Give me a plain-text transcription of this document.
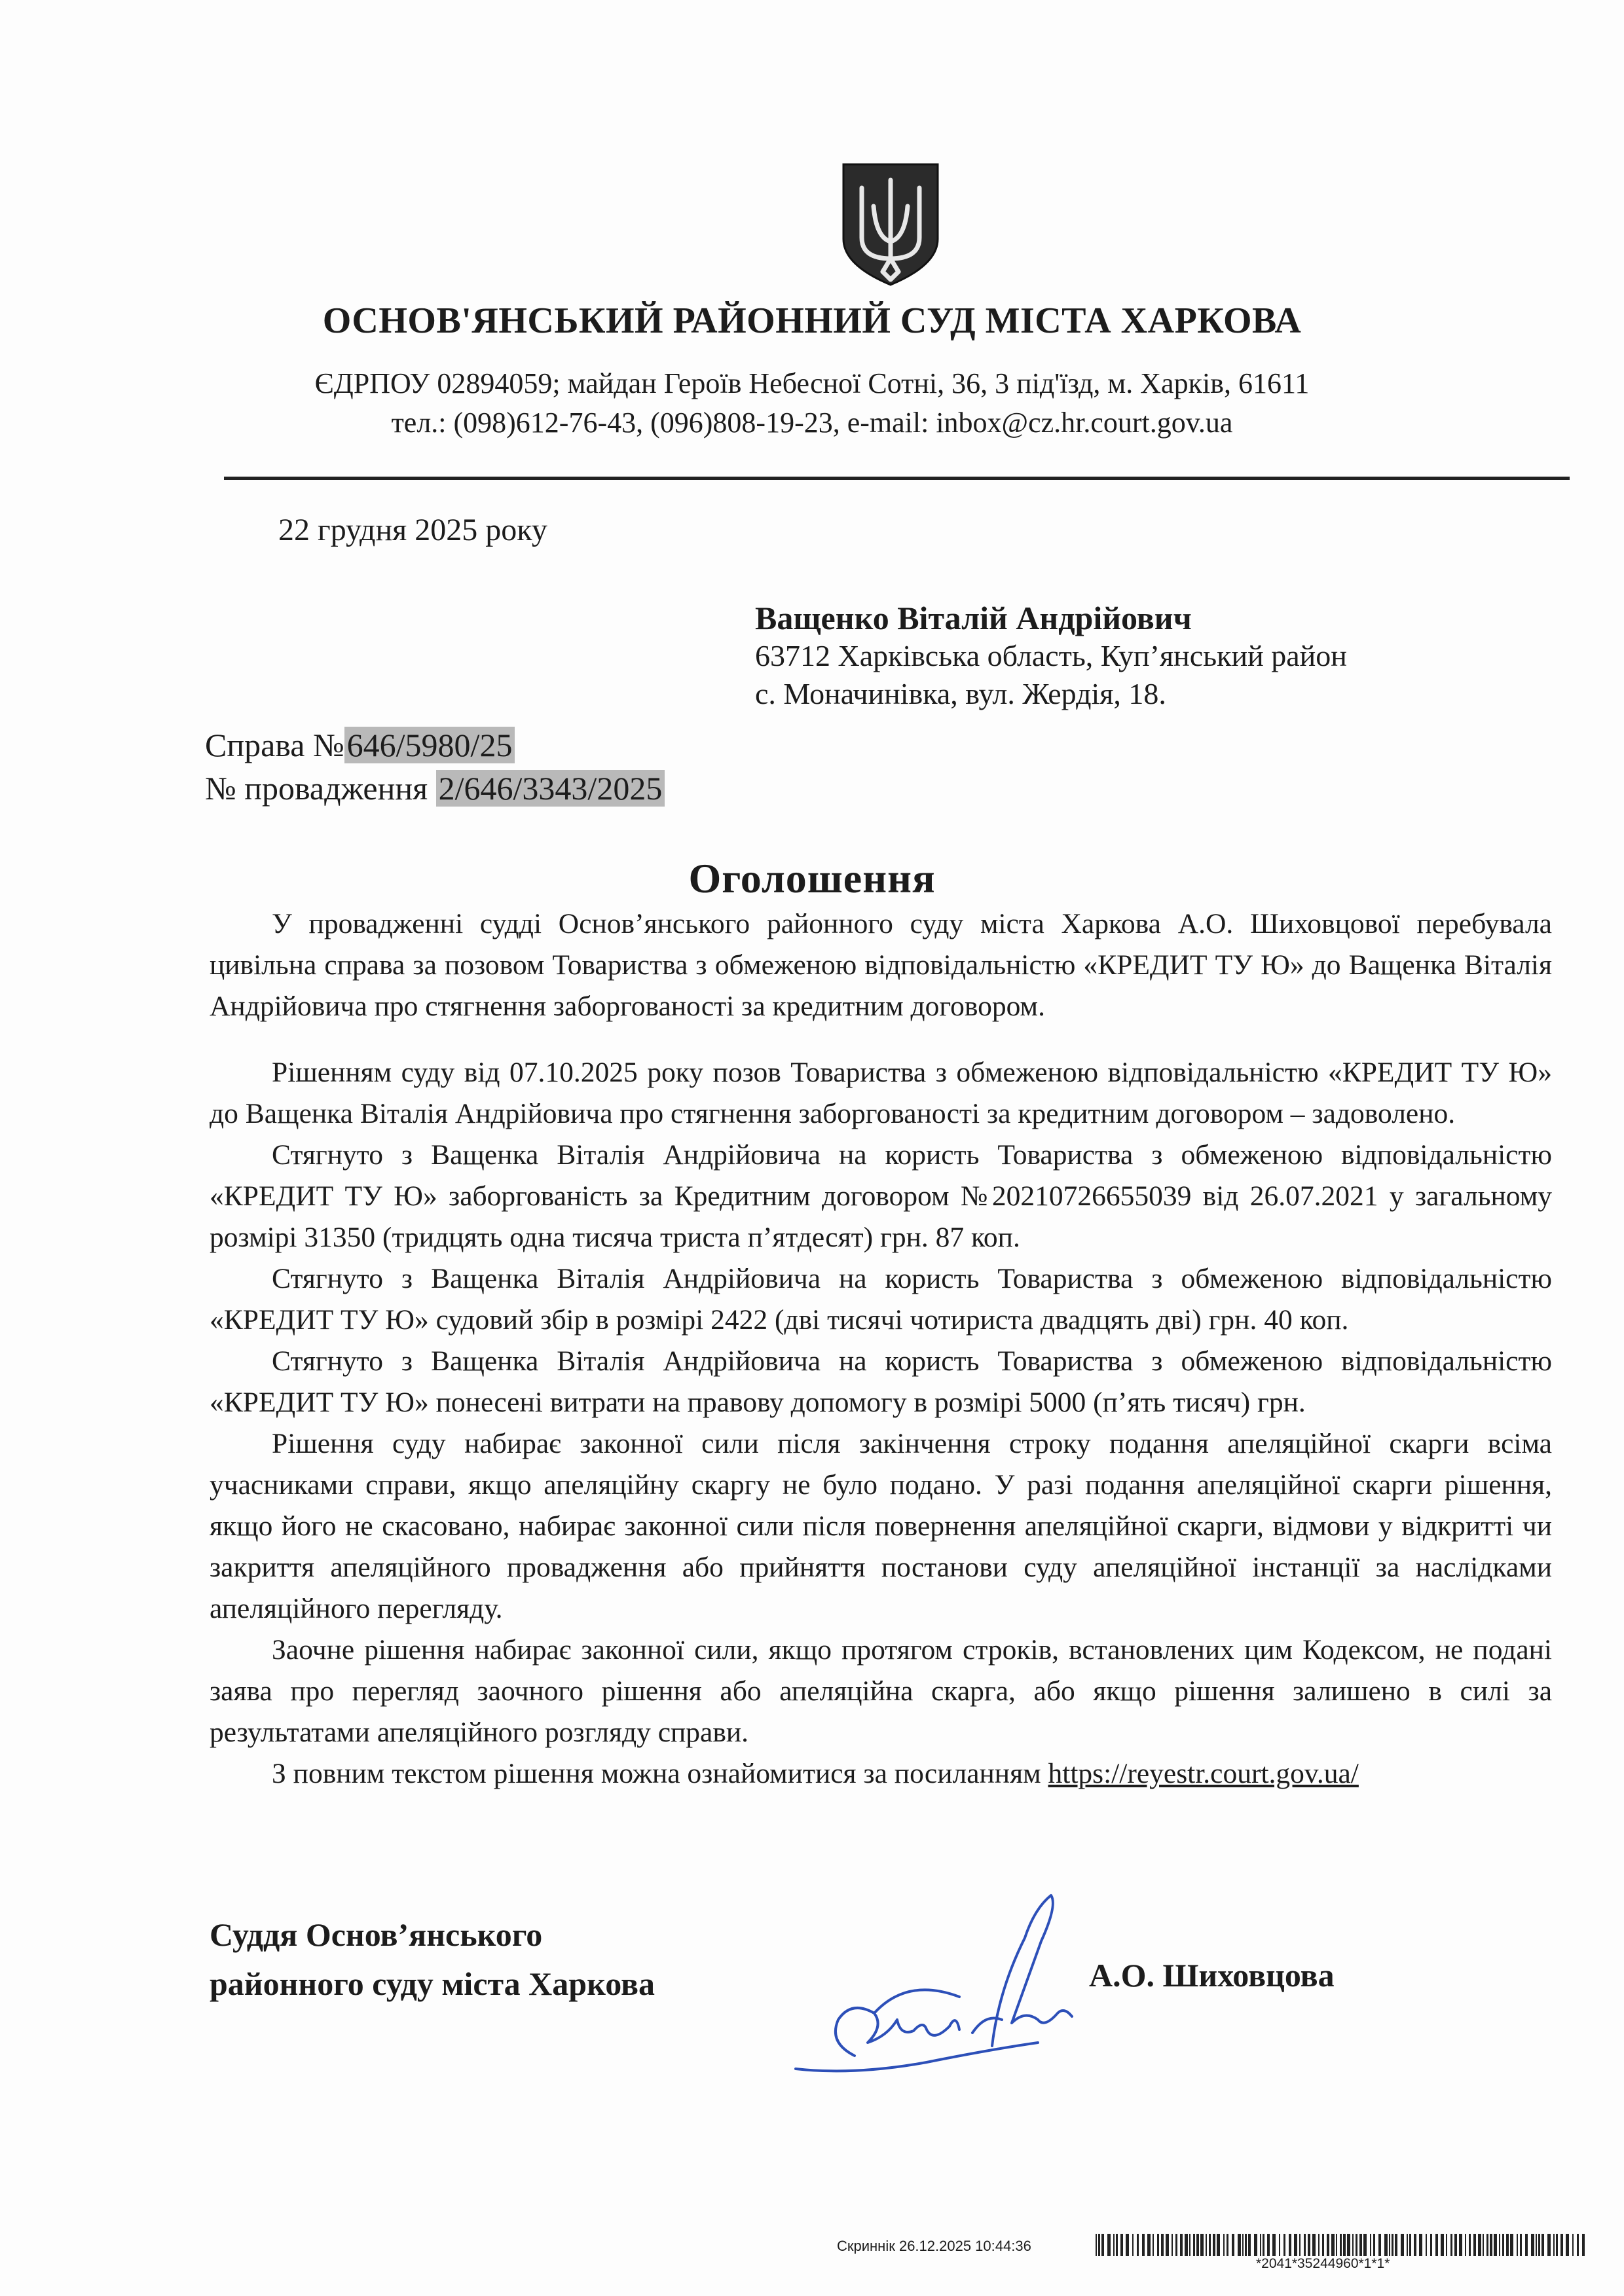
ОСНОВ'ЯНСЬКИЙ РАЙОННИЙ СУД МІСТА ХАРКОВА
ЄДРПОУ 02894059; майдан Героїв Небесної Сотні, 36, 3 під'їзд, м. Харків, 61611
тел.: (098)612-76-43, (096)808-19-23, e-mail: inbox@cz.hr.court.gov.ua
22 грудня 2025 року
Ващенко Віталій Андрійович
63712 Харківська область, Куп’янський район
с. Моначинівка, вул. Жердія, 18.
Справа №646/5980/25
№ провадження 2/646/3343/2025
Оголошення

У провадженні судді Основ’янського районного суду міста Харкова А.О. Шиховцової перебувала цивільна справа за позовом Товариства з обмеженою відповідальністю «КРЕДИТ ТУ Ю» до Ващенка Віталія Андрійовича про стягнення заборгованості за кредитним договором.

Рішенням суду від 07.10.2025 року позов Товариства з обмеженою відповідальністю «КРЕДИТ ТУ Ю» до Ващенка Віталія Андрійовича про стягнення заборгованості за кредитним договором – задоволено.

Стягнуто з Ващенка Віталія Андрійовича на користь Товариства з обмеженою відповідальністю «КРЕДИТ ТУ Ю» заборгованість за Кредитним договором №20210726655039 від 26.07.2021 у загальному розмірі 31350 (тридцять одна тисяча триста п’ятдесят) грн. 87 коп.

Стягнуто з Ващенка Віталія Андрійовича на користь Товариства з обмеженою відповідальністю «КРЕДИТ ТУ Ю» судовий збір в розмірі 2422 (дві тисячі чотириста двадцять дві) грн. 40 коп.

Стягнуто з Ващенка Віталія Андрійовича на користь Товариства з обмеженою відповідальністю «КРЕДИТ ТУ Ю» понесені витрати на правову допомогу в розмірі 5000 (п’ять тисяч) грн.

Рішення суду набирає законної сили після закінчення строку подання апеляційної скарги всіма учасниками справи, якщо апеляційну скаргу не було подано. У разі подання апеляційної скарги рішення, якщо його не скасовано, набирає законної сили після повернення апеляційної скарги, відмови у відкритті чи закриття апеляційного провадження або прийняття постанови суду апеляційної інстанції за наслідками апеляційного перегляду.

Заочне рішення набирає законної сили, якщо протягом строків, встановлених цим Кодексом, не подані заява про перегляд заочного рішення або апеляційна скарга, або якщо рішення залишено в силі за результатами апеляційного розгляду справи.

З повним текстом рішення можна ознайомитися за посиланням https://reyestr.court.gov.ua/

Суддя Основ’янського
районного суду міста Харкова	А.О. Шиховцова
Скриннік 26.12.2025 10:44:36
*2041*35244960*1*1*
